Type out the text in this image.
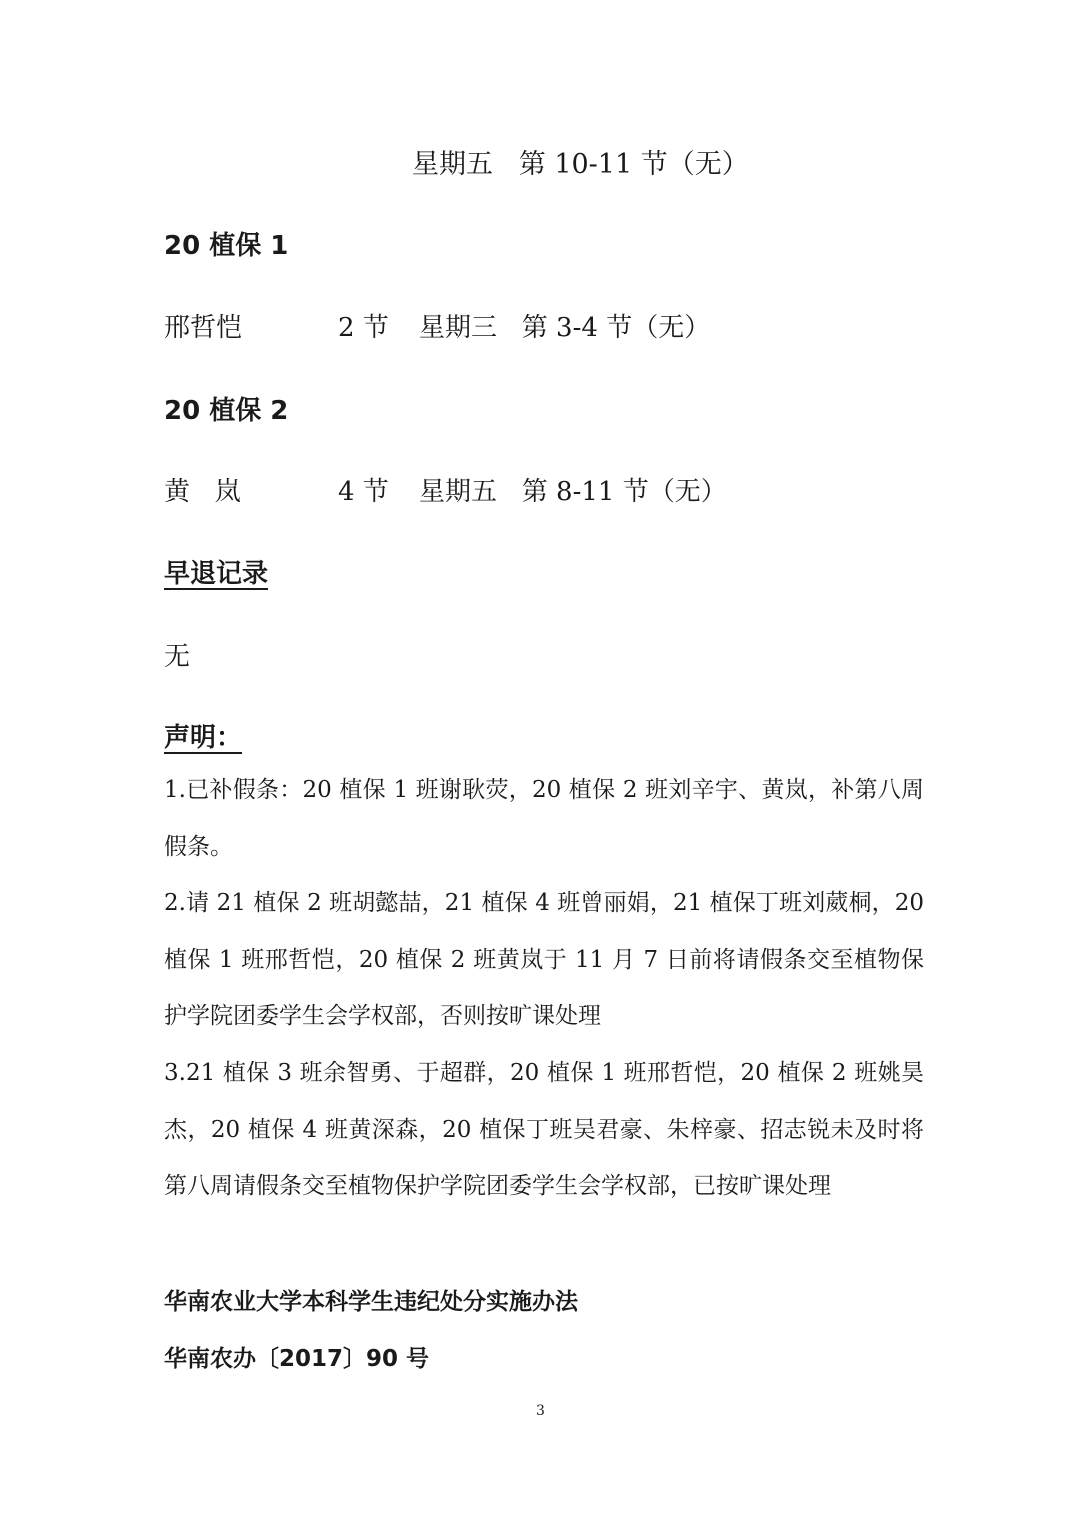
星期五   第 10-11 节（无）
20 植保 1
邢哲恺	2 节 星期三   第 3-4 节（无）
20 植保 2
黄   岚	4 节 星期五   第 8-11 节（无）
早退记录
无
声明：
1.已补假条：20 植保 1 班谢耿荧，20 植保 2 班刘辛宇、黄岚，补第八周假条。
2.请 21 植保 2 班胡懿喆，21 植保 4 班曾丽娟，21 植保丁班刘葳桐，20 植保 1 班邢哲恺，20 植保 2 班黄岚于 11 月 7 日前将请假条交至植物保护学院团委学生会学权部，否则按旷课处理
3.21 植保 3 班余智勇、于超群，20 植保 1 班邢哲恺，20 植保 2 班姚昊杰，20 植保 4 班黄深森，20 植保丁班吴君豪、朱梓豪、招志锐未及时将第八周请假条交至植物保护学院团委学生会学权部，已按旷课处理
华南农业大学本科学生违纪处分实施办法
华南农办〔2017〕90 号
3
